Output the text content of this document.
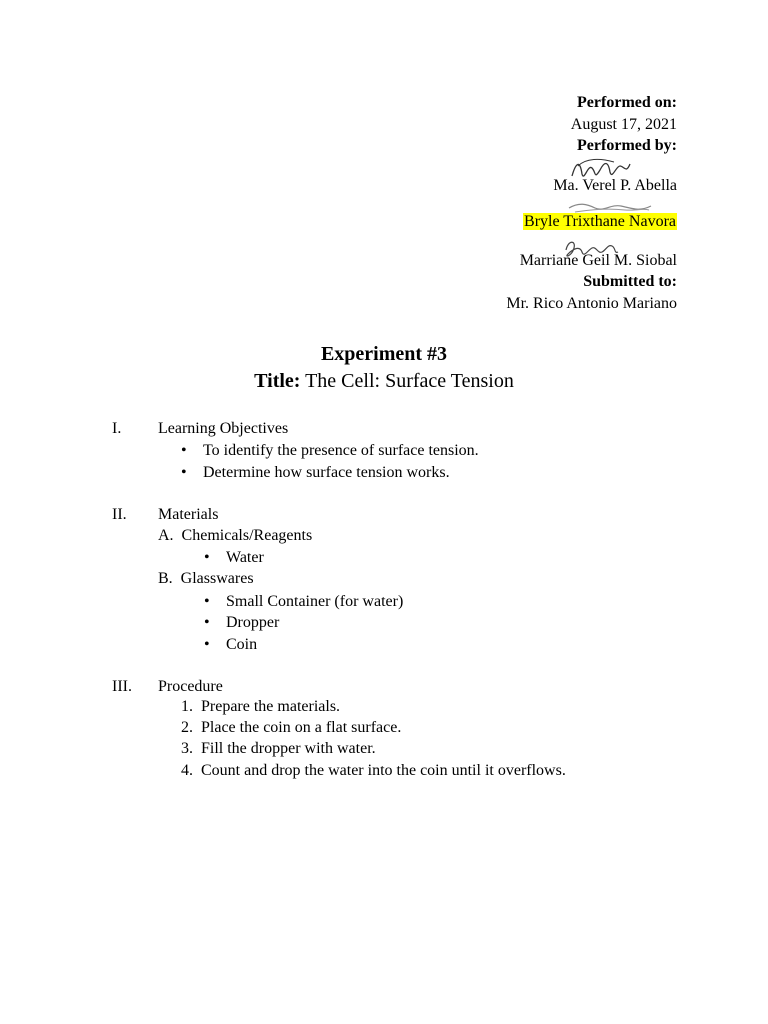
Performed on:
August 17, 2021
Performed by:
Ma. Verel P. Abella
Bryle Trixthane Navora
Marriane Geil M. Siobal
Submitted to:
Mr. Rico Antonio Mariano
Experiment #3
Title: The Cell: Surface Tension
I. Learning Objectives
• To identify the presence of surface tension.
• Determine how surface tension works.
II. Materials
A.  Chemicals/Reagents
• Water
B.  Glasswares
• Small Container (for water)
• Dropper
• Coin
III. Procedure
1.  Prepare the materials.
2.  Place the coin on a flat surface.
3.  Fill the dropper with water.
4.  Count and drop the water into the coin until it overflows.
